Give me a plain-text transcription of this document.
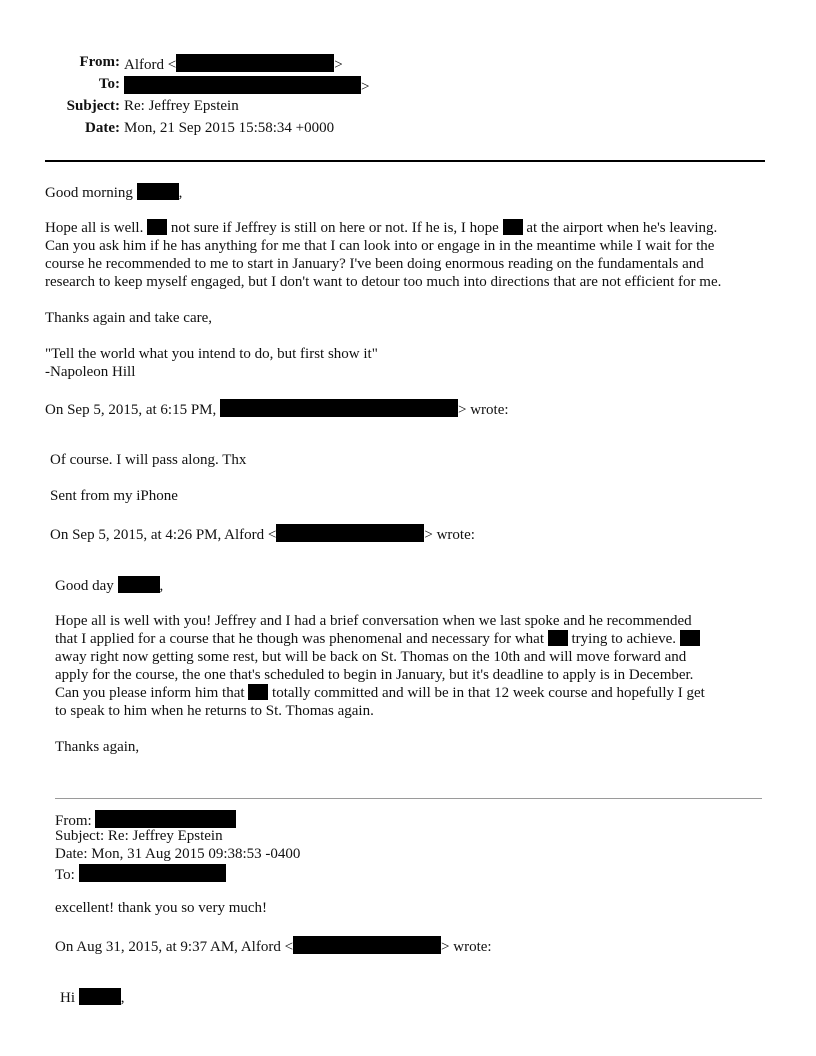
From: Alford <	>
To:	>
Subject: Re: Jeffrey Epstein
Date: Mon, 21 Sep 2015 15:58:34 +0000
Good morning	,
Hope all is well. not sure if Jeffrey is still on here or not. If he is, I hope at the airport when he's leaving.
Can you ask him if he has anything for me that I can look into or engage in in the meantime while I wait for the
course he recommended to me to start in January? I've been doing enormous reading on the fundamentals and
research to keep myself engaged, but I don't want to detour too much into directions that are not efficient for me.
Thanks again and take care,
"Tell the world what you intend to do, but first show it"
-Napoleon Hill
On Sep 5, 2015, at 6:15 PM,	> wrote:
Of course. I will pass along. Thx
Sent from my iPhone
On Sep 5, 2015, at 4:26 PM, Alford <	> wrote:
Good day	,
Hope all is well with you! Jeffrey and I had a brief conversation when we last spoke and he recommended
that I applied for a course that he though was phenomenal and necessary for what trying to achieve.
away right now getting some rest, but will be back on St. Thomas on the 10th and will move forward and
apply for the course, the one that's scheduled to begin in January, but it's deadline to apply is in December.
Can you please inform him that totally committed and will be in that 12 week course and hopefully I get
to speak to him when he returns to St. Thomas again.
Thanks again,
From:
Subject: Re: Jeffrey Epstein
Date: Mon, 31 Aug 2015 09:38:53 -0400
To:
excellent! thank you so very much!
On Aug 31, 2015, at 9:37 AM, Alford <	> wrote:
Hi	,
